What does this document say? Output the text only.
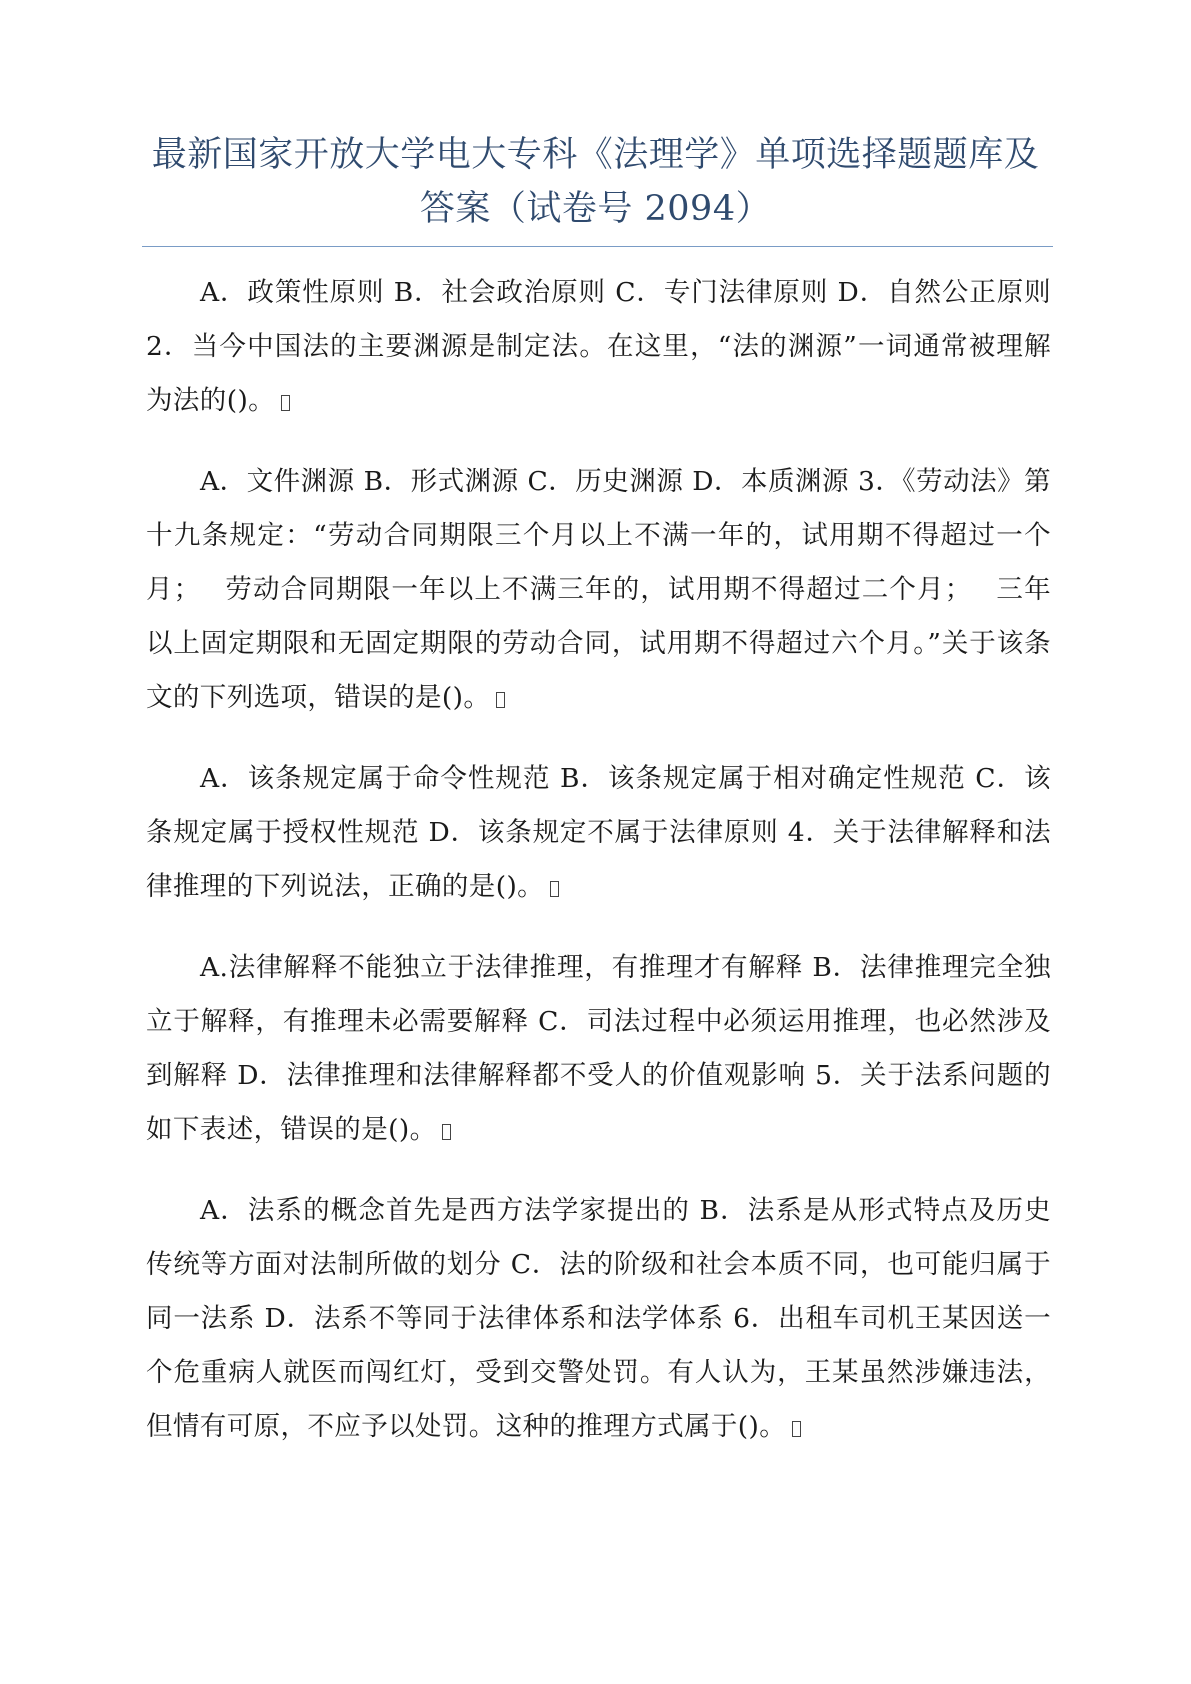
最新国家开放大学电大专科《法理学》单项选择题题库及答案（试卷号 2094）

A．政策性原则 B．社会政治原则 C．专门法律原则 D．自然公正原则 2．当今中国法的主要渊源是制定法。在这里，“法的渊源”一词通常被理解为法的()。

A．文件渊源 B．形式渊源 C．历史渊源 D．本质渊源 3．《劳动法》第十九条规定：“劳动合同期限三个月以上不满一年的，试用期不得超过一个月；　 劳动合同期限一年以上不满三年的，试用期不得超过二个月；　 三年以上固定期限和无固定期限的劳动合同，试用期不得超过六个月。”关于该条文的下列选项，错误的是()。

A．该条规定属于命令性规范 B．该条规定属于相对确定性规范 C．该条规定属于授权性规范 D．该条规定不属于法律原则 4．关于法律解释和法律推理的下列说法，正确的是()。

A.法律解释不能独立于法律推理，有推理才有解释 B．法律推理完全独立于解释，有推理未必需要解释 C．司法过程中必须运用推理，也必然涉及到解释 D．法律推理和法律解释都不受人的价值观影响 5．关于法系问题的如下表述，错误的是()。

A．法系的概念首先是西方法学家提出的 B．法系是从形式特点及历史传统等方面对法制所做的划分 C．法的阶级和社会本质不同，也可能归属于同一法系 D．法系不等同于法律体系和法学体系 6．出租车司机王某因送一个危重病人就医而闯红灯，受到交警处罚。有人认为，王某虽然涉嫌违法，但情有可原，不应予以处罚。这种的推理方式属于()。
